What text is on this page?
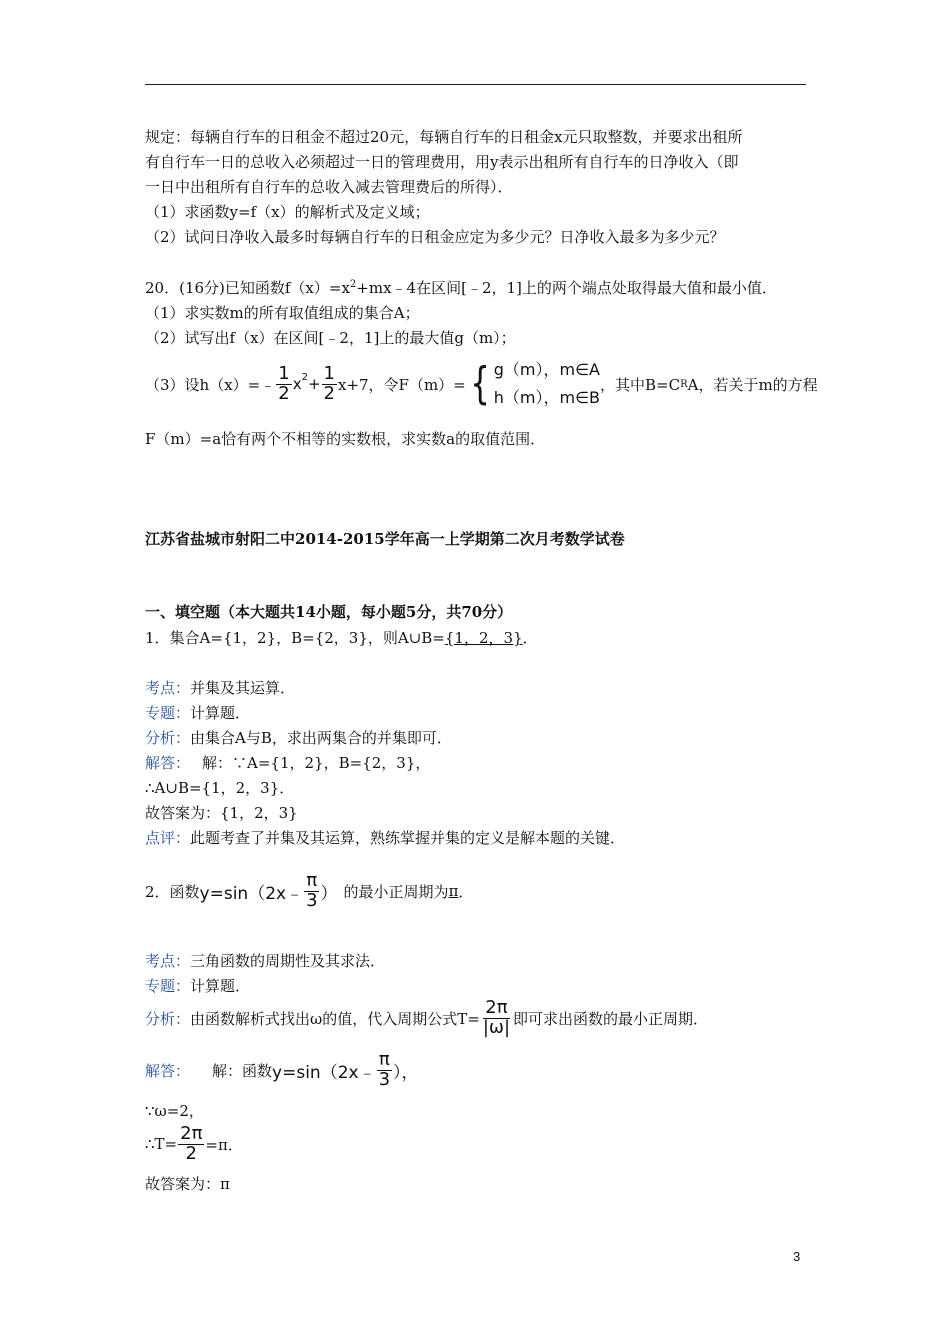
规定：每辆自行车的日租金不超过20元，每辆自行车的日租金x元只取整数，并要求出租所
有自行车一日的总收入必须超过一日的管理费用，用y表示出租所有自行车的日净收入（即
一日中出租所有自行车的总收入减去管理费后的所得）．
（1）求函数y=f（x）的解析式及定义域；
（2）试问日净收入最多时每辆自行车的日租金应定为多少元？日净收入最多为多少元？
20．(16分)已知函数$f(x)=x^2+mx﹣4$在区间[﹣2，1]上的两个端点处取得最大值和最小值．
（1）求实数m的所有取值组成的集合A；
（2）试写出f（x）在区间[﹣2，1]上的最大值g（m）；
（3）设h（x）=﹣ $\frac{1}{2} x^2 + \frac{1}{2} x+7$，令F（m）= { g（m），m∈A
h（m），m∈B
，其中B=C R A，若关于m的方程
F（m）=a恰有两个不相等的实数根，求实数a的取值范围．
江苏省盐城市射阳二中2014-2015学年高一上学期第二次月考数学试卷
一、填空题（本大题共14小题，每小题5分，共70分）
1．集合A={1，2}，B={2，3}，则A∪B={1，2，3}．
考点：并集及其运算．
专题：计算题．
分析：由集合A与B，求出两集合的并集即可．
解答： 解：∵A={1，2}，B={2，3}，
∴A∪B={1，2，3}．
故答案为：{1，2，3}
点评：此题考查了并集及其运算，熟练掌握并集的定义是解本题的关键．
2．函数 y=sin（2x﹣ $\frac{\pi}{3}$ ） 的最小正周期为 π ．
考点：三角函数的周期性及其求法．
专题：计算题．
分析： 由函数解析式找出ω的值，代入周期公式$T= \frac{2\pi}{|\omega|}$ 即可求出函数的最小正周期．
解答： 解：函数 y=sin（2x﹣ $\frac{\pi}{3}$ ），
∵ω=2，
∴T= $\frac{2\pi}{2} =\pi$．
故答案为：π
3
